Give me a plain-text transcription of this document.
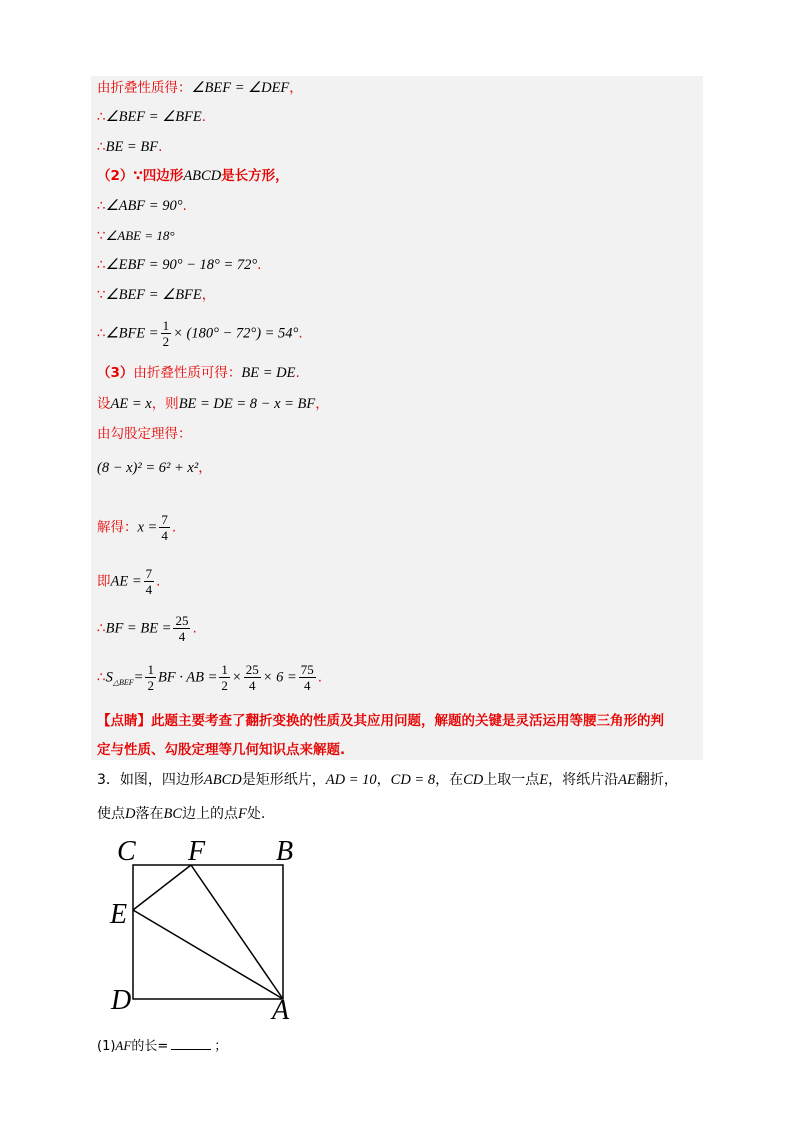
由折叠性质得：∠BEF = ∠DEF，
∴∠BEF = ∠BFE.
∴BE = BF.
（2）∵四边形ABCD是长方形，
∴∠ABF = 90°.
∵∠ABE = 18°
∴∠EBF = 90° − 18° = 72°.
∵∠BEF = ∠BFE，
∴∠BFE = $\frac{1}{2} \times (180^\circ - 72^\circ) = 54^\circ$.
（3）由折叠性质可得：BE = DE.
设AE = x，则BE = DE = 8 − x = BF，
由勾股定理得：
(8 − x)² = 6² + x²，
解得：$x = \frac{7}{4}$ .
即AE = $\frac{7}{4}$ .
∴BF = BE = $\frac{25}{4}$ .
$\therefore S_{\triangle BEF}= \frac{1}{2}$ BF · AB = $\frac{1}{2} \times \frac{25}{4} \times 6 = \frac{75}{4}$ .
【点睛】此题主要考查了翻折变换的性质及其应用问题，解题的关键是灵活运用等腰三角形的判
定与性质、勾股定理等几何知识点来解题.
3．如图，四边形ABCD是矩形纸片，AD = 10，CD = 8，在CD上取一点E，将纸片沿AE翻折，
使点D落在BC边上的点F处.
C F	B
E
D	A
(1)AF的长=	；
